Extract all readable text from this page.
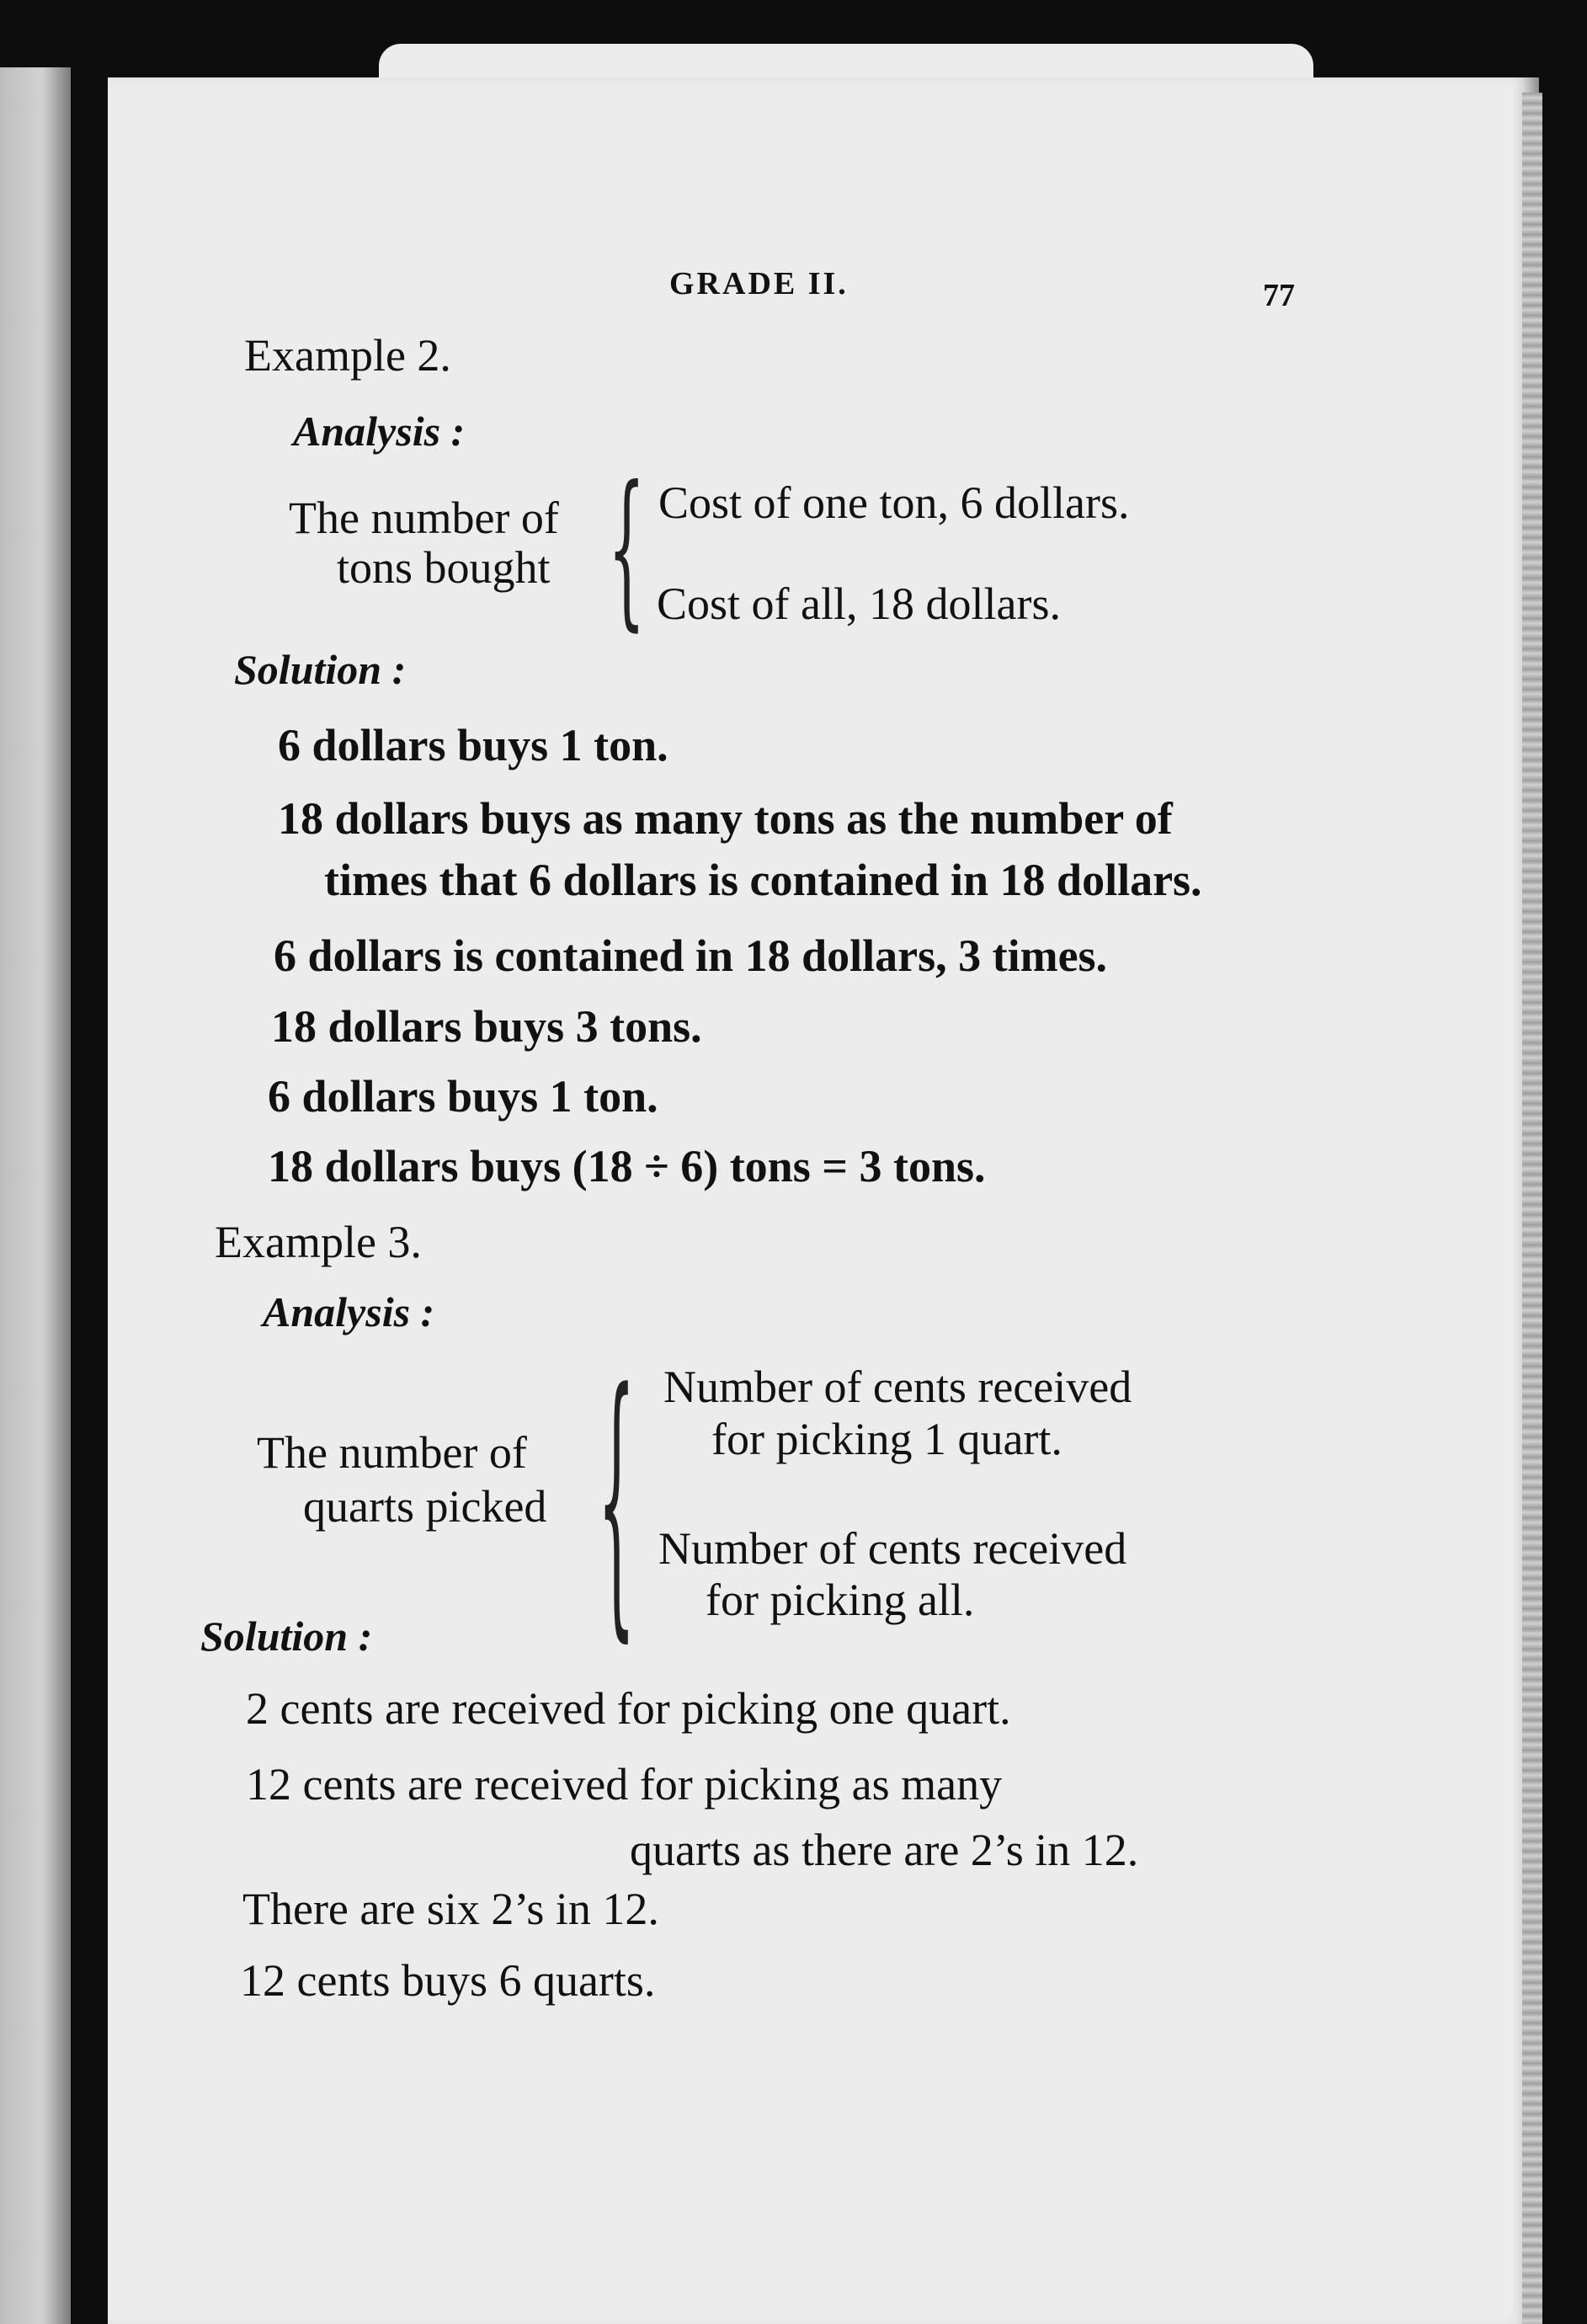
GRADE II.	77
Example 2.
Analysis :
The number of
tons bought { Cost of one ton, 6 dollars.
Cost of all, 18 dollars.
Solution :
6 dollars buys 1 ton.
18 dollars buys as many tons as the number of
times that 6 dollars is contained in 18 dollars.
6 dollars is contained in 18 dollars, 3 times.
18 dollars buys 3 tons.
6 dollars buys 1 ton.
18 dollars buys (18 ÷ 6) tons = 3 tons.
Example 3.
Analysis :
The number of
quarts picked { Number of cents received
for picking 1 quart.
Number of cents received
for picking all.
Solution :
2 cents are received for picking one quart.
12 cents are received for picking as many
quarts as there are 2’s in 12.
There are six 2’s in 12.
12 cents buys 6 quarts.
